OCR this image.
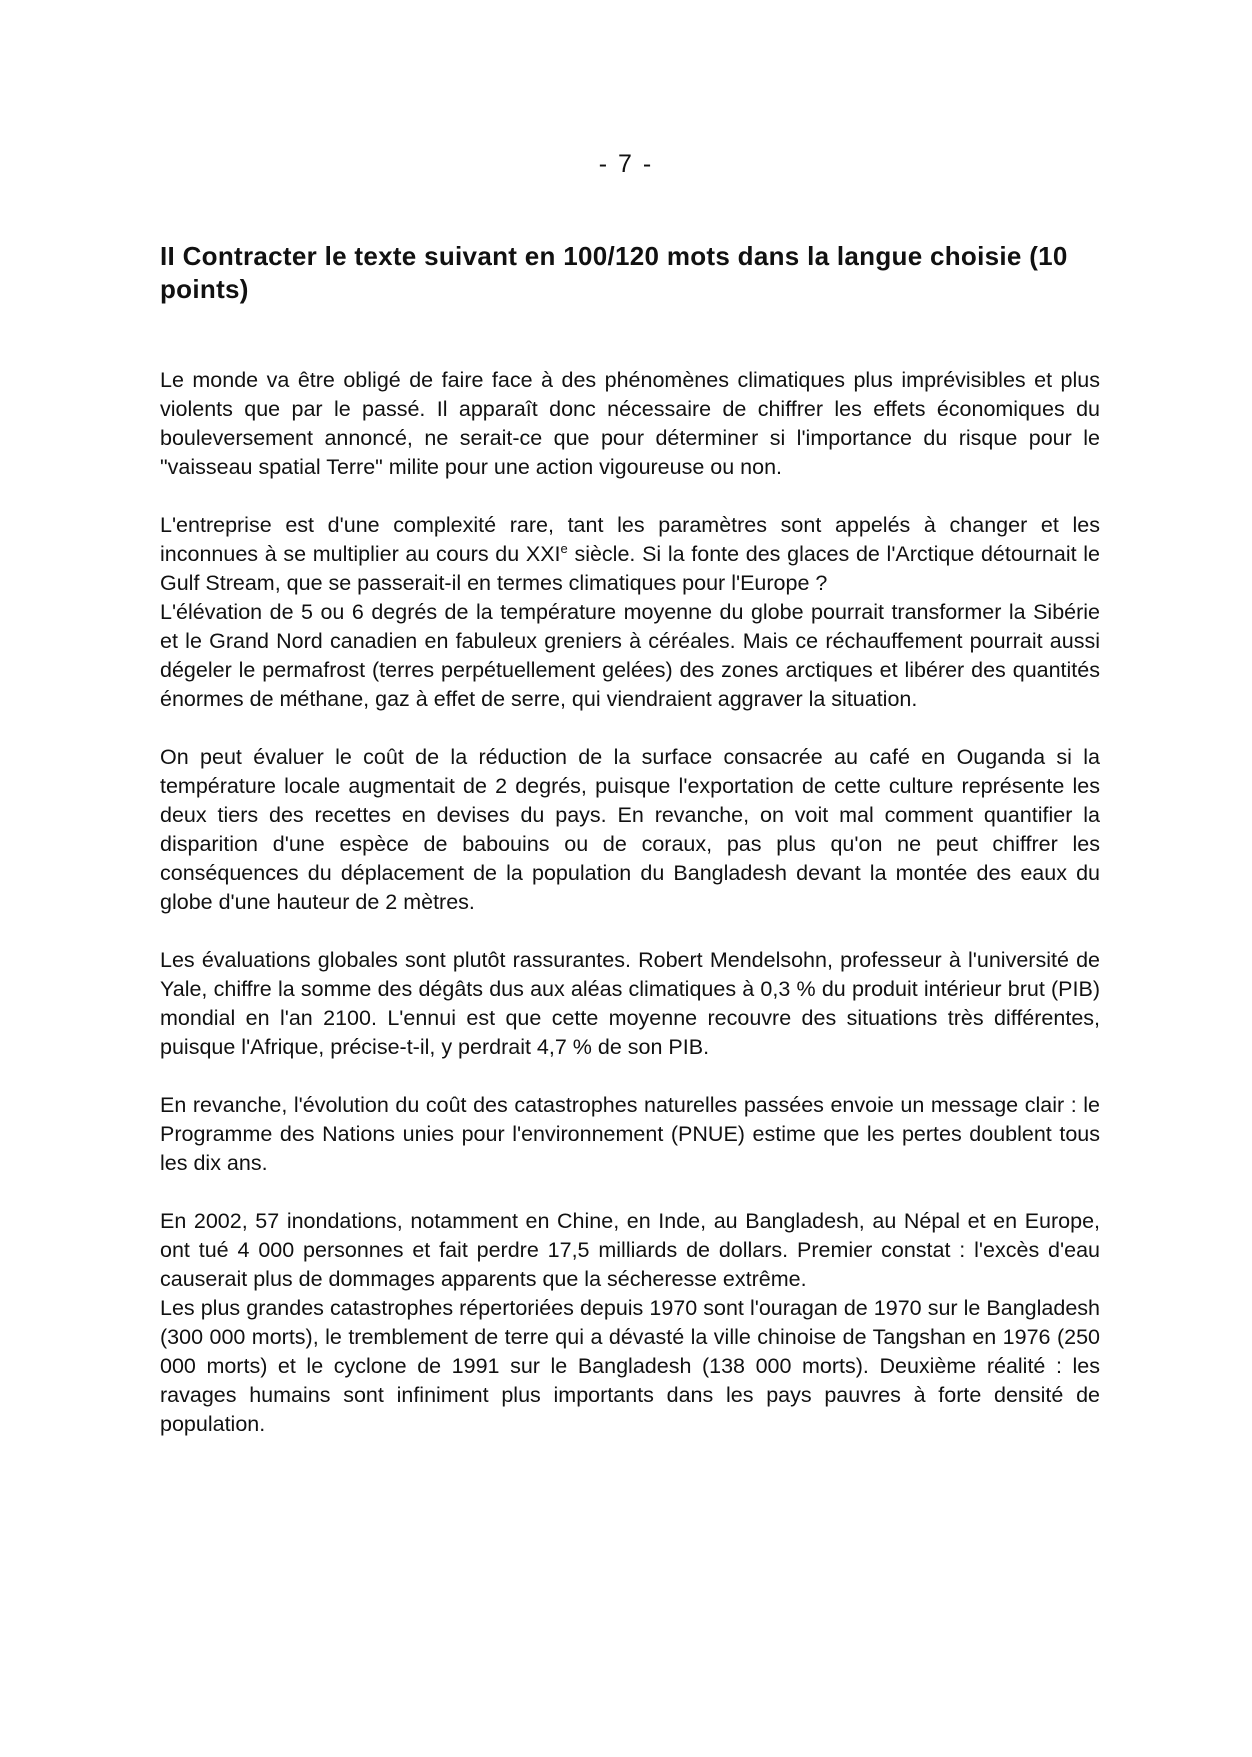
- 7 -
II Contracter le texte suivant en 100/120 mots dans la langue choisie (10 points)

Le monde va être obligé de faire face à des phénomènes climatiques plus imprévisibles et plus violents que par le passé. Il apparaît donc nécessaire de chiffrer les effets économiques du bouleversement annoncé, ne serait-ce que pour déterminer si l'importance du risque pour le "vaisseau spatial Terre" milite pour une action vigoureuse ou non.

L'entreprise est d'une complexité rare, tant les paramètres sont appelés à changer et les inconnues à se multiplier au cours du XXIe siècle. Si la fonte des glaces de l'Arctique détournait le Gulf Stream, que se passerait-il en termes climatiques pour l'Europe ?

L'élévation de 5 ou 6 degrés de la température moyenne du globe pourrait transformer la Sibérie et le Grand Nord canadien en fabuleux greniers à céréales. Mais ce réchauffement pourrait aussi dégeler le permafrost (terres perpétuellement gelées) des zones arctiques et libérer des quantités énormes de méthane, gaz à effet de serre, qui viendraient aggraver la situation.

On peut évaluer le coût de la réduction de la surface consacrée au café en Ouganda si la température locale augmentait de 2 degrés, puisque l'exportation de cette culture représente les deux tiers des recettes en devises du pays. En revanche, on voit mal comment quantifier la disparition d'une espèce de babouins ou de coraux, pas plus qu'on ne peut chiffrer les conséquences du déplacement de la population du Bangladesh devant la montée des eaux du globe d'une hauteur de 2 mètres.

Les évaluations globales sont plutôt rassurantes. Robert Mendelsohn, professeur à l'université de Yale, chiffre la somme des dégâts dus aux aléas climatiques à 0,3 % du produit intérieur brut (PIB) mondial en l'an 2100. L'ennui est que cette moyenne recouvre des situations très différentes, puisque l'Afrique, précise-t-il, y perdrait 4,7 % de son PIB.

En revanche, l'évolution du coût des catastrophes naturelles passées envoie un message clair : le Programme des Nations unies pour l'environnement (PNUE) estime que les pertes doublent tous les dix ans.

En 2002, 57 inondations, notamment en Chine, en Inde, au Bangladesh, au Népal et en Europe, ont tué 4 000 personnes et fait perdre 17,5 milliards de dollars. Premier constat : l'excès d'eau causerait plus de dommages apparents que la sécheresse extrême.

Les plus grandes catastrophes répertoriées depuis 1970 sont l'ouragan de 1970 sur le Bangladesh (300 000 morts), le tremblement de terre qui a dévasté la ville chinoise de Tangshan en 1976 (250 000 morts) et le cyclone de 1991 sur le Bangladesh (138 000 morts). Deuxième réalité : les ravages humains sont infiniment plus importants dans les pays pauvres à forte densité de population.
